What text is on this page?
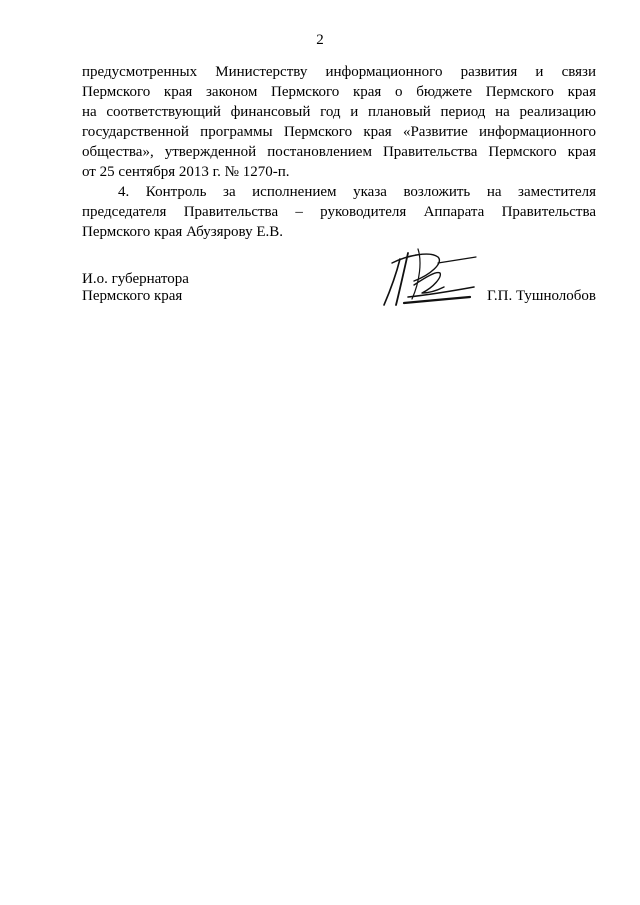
2

предусмотренных Министерству информационного развития и связи
Пермского края законом Пермского края о бюджете Пермского края
на соответствующий финансовый год и плановый период на реализацию
государственной программы Пермского края «Развитие информационного
общества», утвержденной постановлением Правительства Пермского края
от 25 сентября 2013 г. № 1270-п.

4. Контроль за исполнением указа возложить на заместителя
председателя Правительства – руководителя Аппарата Правительства
Пермского края Абузярову Е.В.

И.о. губернатора
Пермского края	Г.П. Тушнолобов
